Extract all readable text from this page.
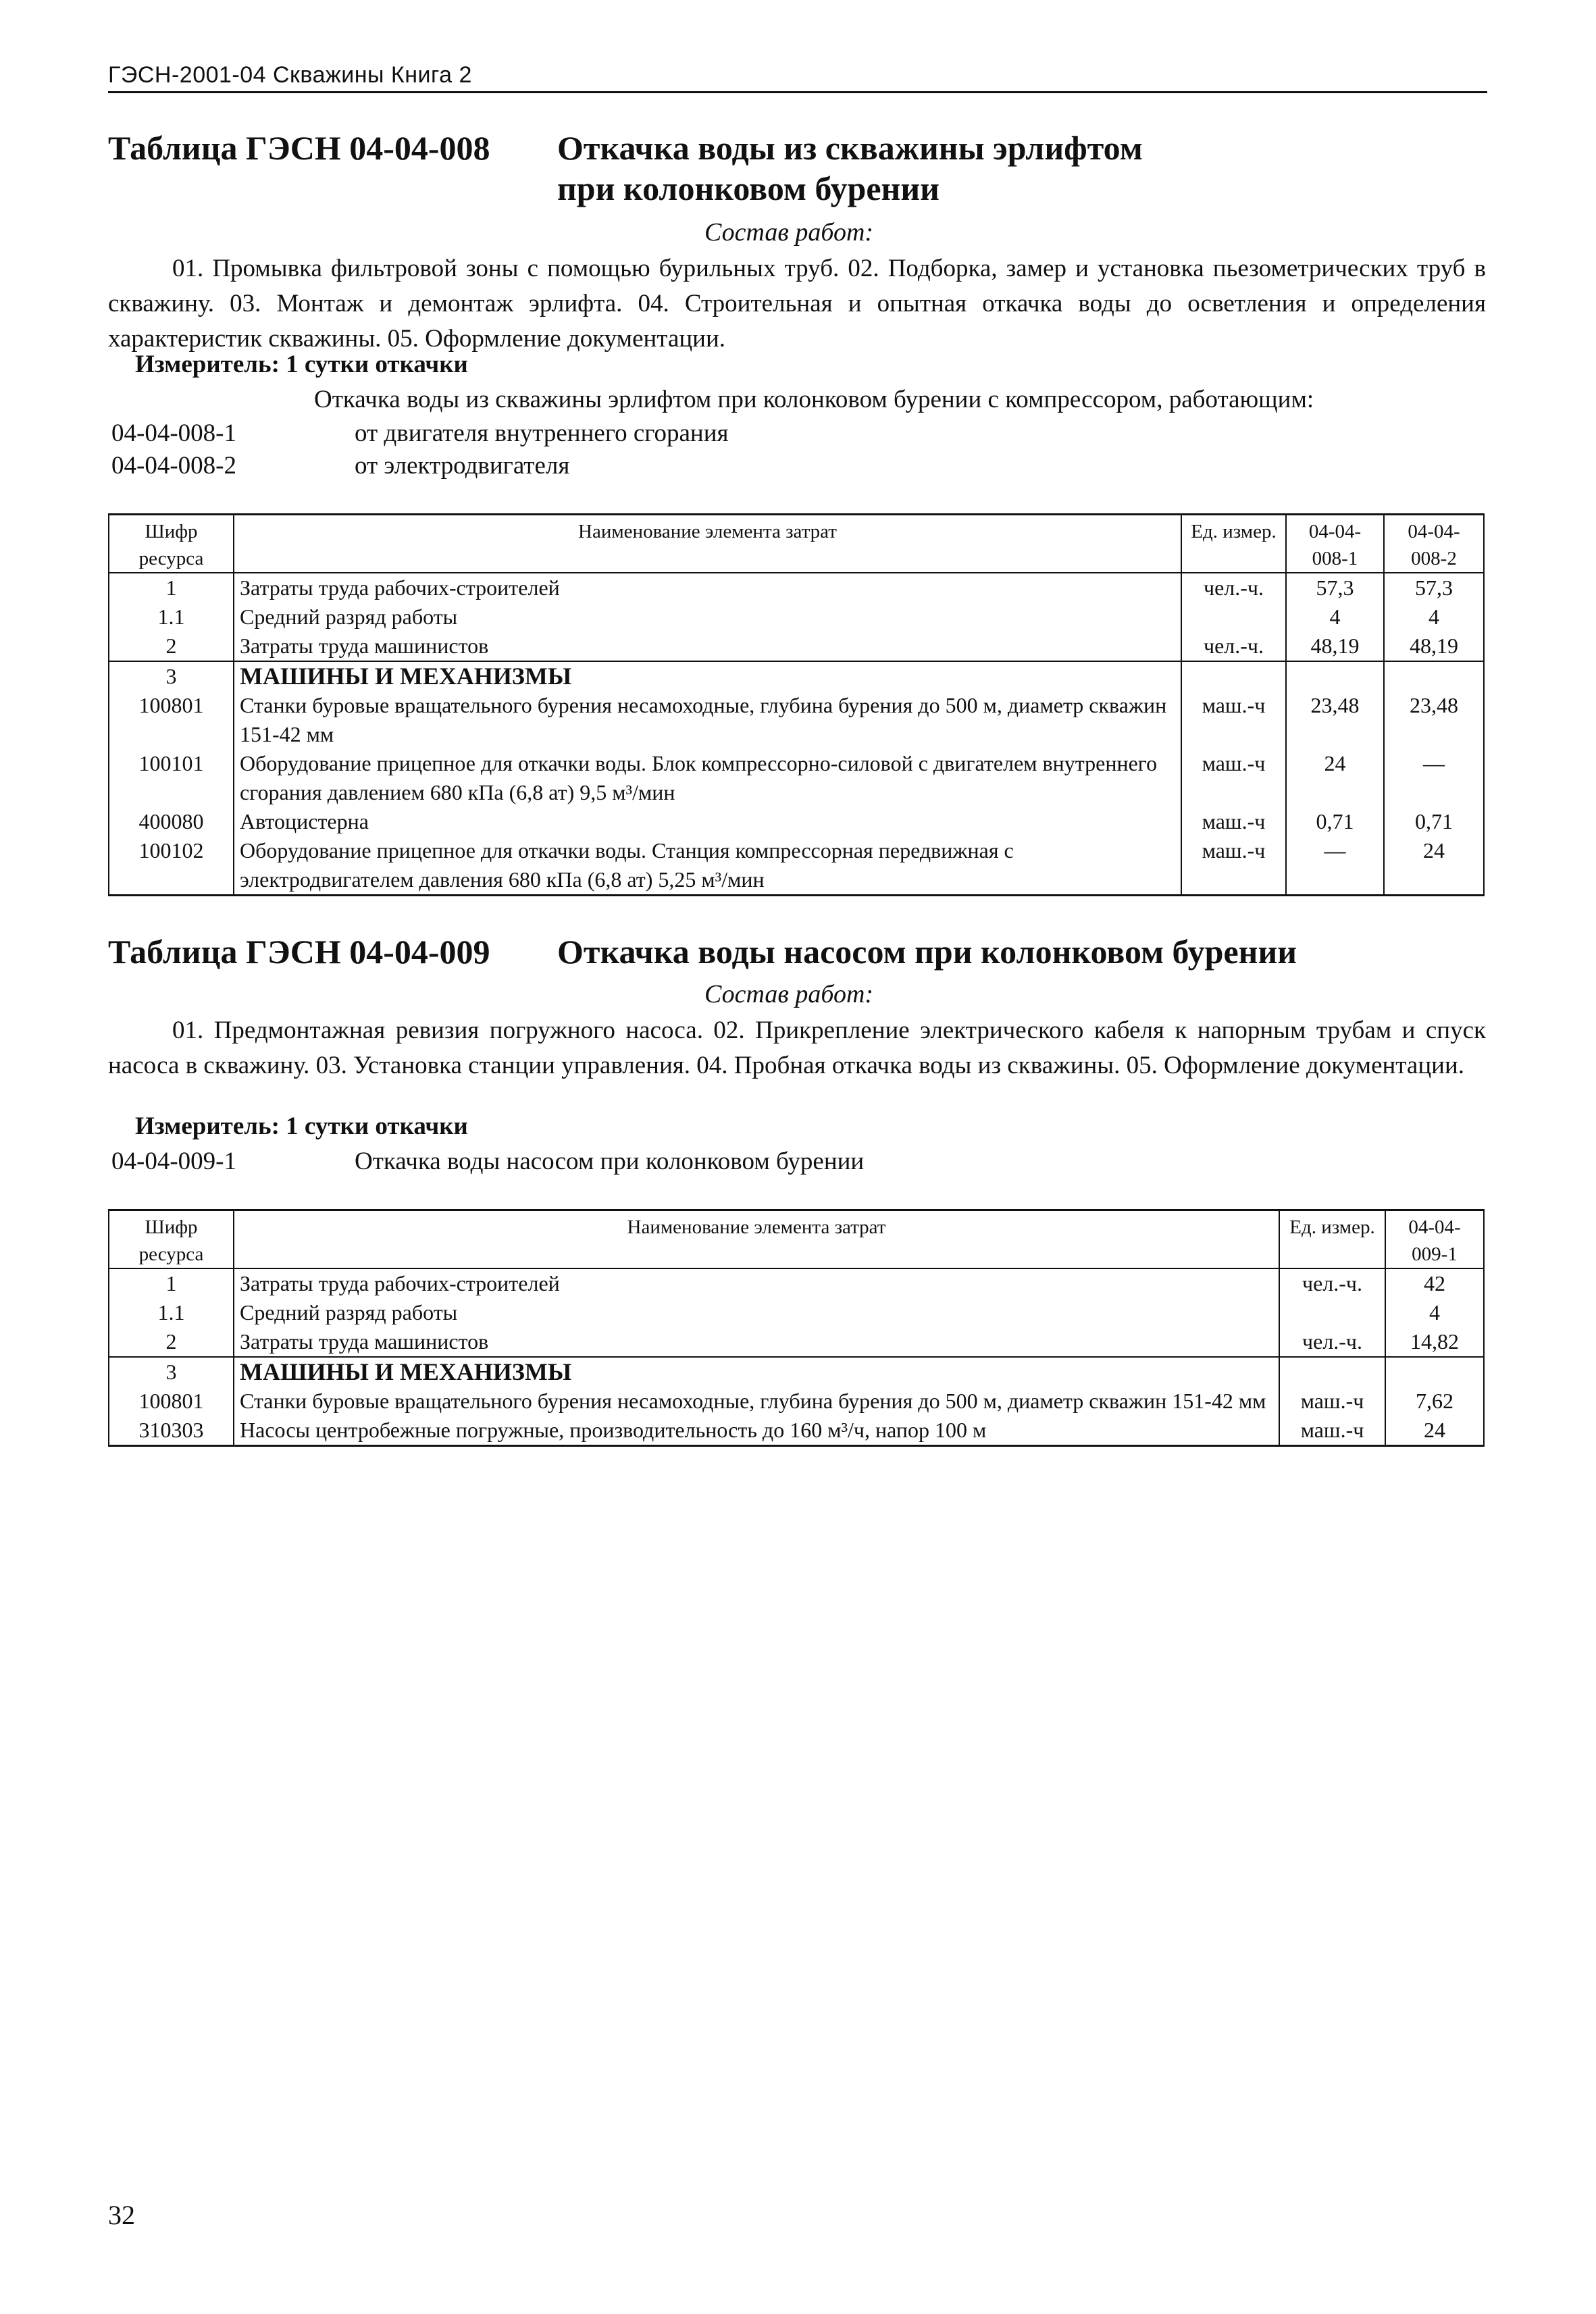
ГЭСН-2001-04 Скважины Книга 2
Таблица ГЭСН 04-04-008 Откачка воды из скважины эрлифтом
при колонковом бурении
Состав работ:

01. Промывка фильтровой зоны с помощью бурильных труб. 02. Подборка, замер и установка пьезометрических труб в скважину. 03. Монтаж и демонтаж эрлифта. 04. Строительная и опытная откачка воды до осветления и определения характеристик скважины. 05. Оформление документации.

Измеритель: 1 сутки откачки
Откачка воды из скважины эрлифтом при колонковом бурении с компрессором, работающим:
04-04-008-1	от двигателя внутреннего сгорания
04-04-008-2	от электродвигателя
Шифр ресурса	Наименование элемента затрат	Ед. измер.	04-04-008-1	04-04-008-2
1	Затраты труда рабочих-строителей	чел.-ч.	57,3	57,3
1.1	Средний разряд работы		4	4
2	Затраты труда машинистов	чел.-ч.	48,19	48,19
3	МАШИНЫ И МЕХАНИЗМЫ			
100801	Станки буровые вращательного бурения несамоходные, глубина бурения до 500 м, диаметр скважин 151-42 мм	маш.-ч	23,48	23,48
100101	Оборудование прицепное для откачки воды. Блок компрессорно-силовой с двигателем внутреннего сгорания давлением 680 кПа (6,8 ат) 9,5 м³/мин	маш.-ч	24	—
400080	Автоцистерна	маш.-ч	0,71	0,71
100102	Оборудование прицепное для откачки воды. Станция компрессорная передвижная с электродвигателем давления 680 кПа (6,8 ат) 5,25 м³/мин	маш.-ч	—	24
Таблица ГЭСН 04-04-009 Откачка воды насосом при колонковом бурении
Состав работ:

01. Предмонтажная ревизия погружного насоса. 02. Прикрепление электрического кабеля к напорным трубам и спуск насоса в скважину. 03. Установка станции управления. 04. Пробная откачка воды из скважины. 05. Оформление документации.

Измеритель: 1 сутки откачки
04-04-009-1	Откачка воды насосом при колонковом бурении
Шифр ресурса	Наименование элемента затрат	Ед. измер.	04-04-009-1
1	Затраты труда рабочих-строителей	чел.-ч.	42
1.1	Средний разряд работы		4
2	Затраты труда машинистов	чел.-ч.	14,82
3	МАШИНЫ И МЕХАНИЗМЫ		
100801	Станки буровые вращательного бурения несамоходные, глубина бурения до 500 м, диаметр скважин 151-42 мм	маш.-ч	7,62
310303	Насосы центробежные погружные, производительность до 160 м³/ч, напор 100 м	маш.-ч	24
32
